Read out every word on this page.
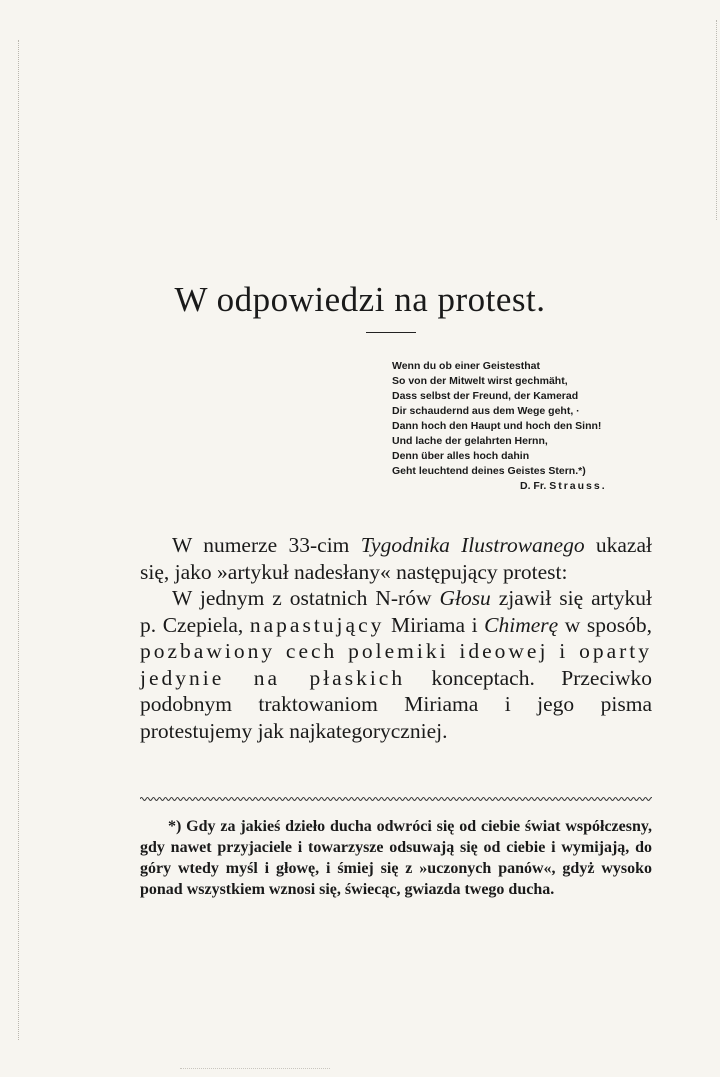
W odpowiedzi na protest.
Wenn du ob einer Geistesthat
So von der Mitwelt wirst gechmäht,
Dass selbst der Freund, der Kamerad
Dir schaudernd aus dem Wege geht, ·
Dann hoch den Haupt und hoch den Sinn!
Und lache der gelahrten Hernn,
Denn über alles hoch dahin
Geht leuchtend deines Geistes Stern.*)
D. Fr. Strauss.

W numerze 33-cim Tygodnika Ilustrowanego ukazał się, jako »artykuł nadesłany« następujący protest:

W jednym z ostatnich N-rów Głosu zjawił się artykuł p. Czepiela, napastujący Miriama i Chimerę w sposób, pozbawiony cech polemiki ideowej i oparty jedynie na płaskich konceptach. Przeciwko podobnym traktowaniom Miriama i jego pisma protestujemy jak najkategoryczniej.

*) Gdy za jakieś dzieło ducha odwróci się od ciebie świat współczesny, gdy nawet przyjaciele i towarzysze odsuwają się od ciebie i wymijają, do góry wtedy myśl i głowę, i śmiej się z »uczonych panów«, gdyż wysoko ponad wszystkiem wznosi się, świecąc, gwiazda twego ducha.
